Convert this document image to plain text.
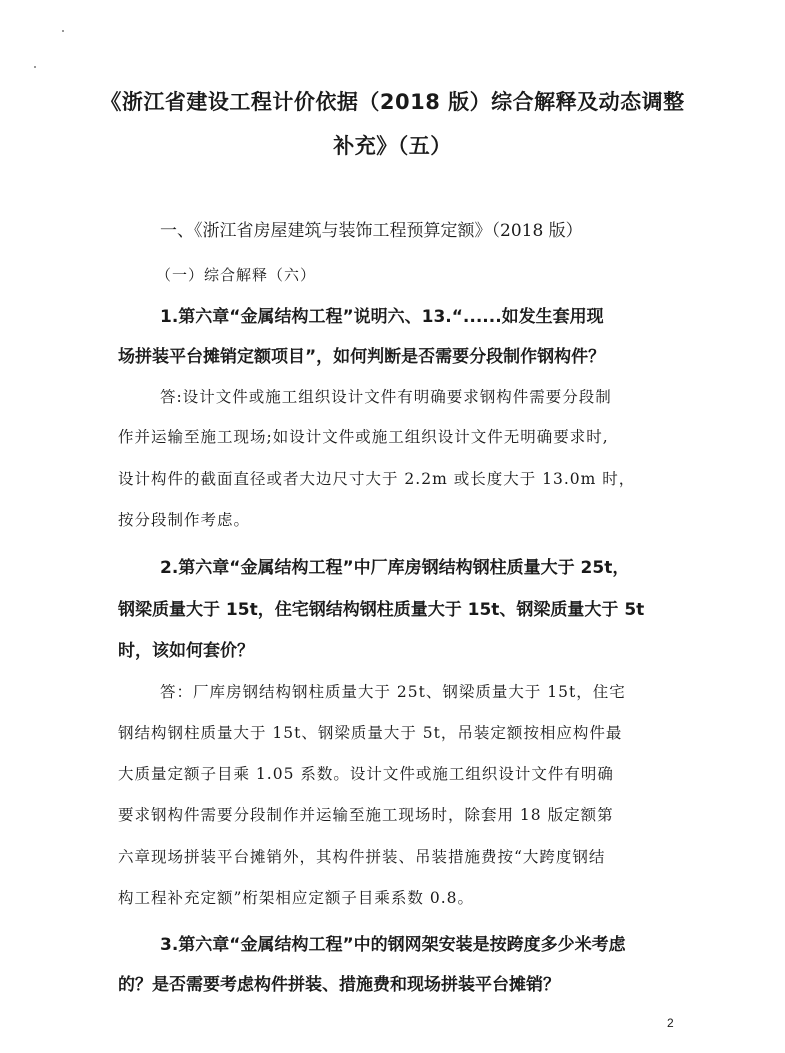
《浙江省建设工程计价依据（2018 版）综合解释及动态调整
补充》（五）
一、《浙江省房屋建筑与装饰工程预算定额》（2018 版）
（一）综合解释（六）
1.第六章“金属结构工程”说明六、13.“......如发生套用现
场拼装平台摊销定额项目”，如何判断是否需要分段制作钢构件？
答:设计文件或施工组织设计文件有明确要求钢构件需要分段制
作并运输至施工现场;如设计文件或施工组织设计文件无明确要求时,
设计构件的截面直径或者大边尺寸大于 2.2m 或长度大于 13.0m 时，
按分段制作考虑。
2.第六章“金属结构工程”中厂库房钢结构钢柱质量大于 25t，
钢梁质量大于 15t，住宅钢结构钢柱质量大于 15t、钢梁质量大于 5t
时，该如何套价？
答：厂库房钢结构钢柱质量大于 25t、钢梁质量大于 15t，住宅
钢结构钢柱质量大于 15t、钢梁质量大于 5t，吊装定额按相应构件最
大质量定额子目乘 1.05 系数。设计文件或施工组织设计文件有明确
要求钢构件需要分段制作并运输至施工现场时，除套用 18 版定额第
六章现场拼装平台摊销外，其构件拼装、吊装措施费按“大跨度钢结
构工程补充定额”桁架相应定额子目乘系数 0.8。
3.第六章“金属结构工程”中的钢网架安装是按跨度多少米考虑
的？是否需要考虑构件拼装、措施费和现场拼装平台摊销？
2
